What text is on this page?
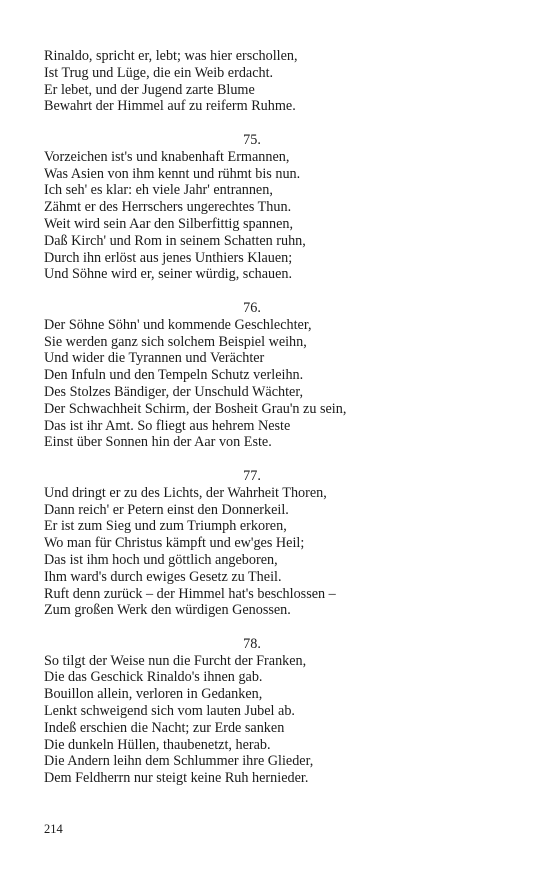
Rinaldo, spricht er, lebt; was hier erschollen,
Ist Trug und Lüge, die ein Weib erdacht.
Er lebet, und der Jugend zarte Blume
Bewahrt der Himmel auf zu reiferm Ruhme.
75.
Vorzeichen ist's und knabenhaft Ermannen,
Was Asien von ihm kennt und rühmt bis nun.
Ich seh' es klar: eh viele Jahr' entrannen,
Zähmt er des Herrschers ungerechtes Thun.
Weit wird sein Aar den Silberfittig spannen,
Daß Kirch' und Rom in seinem Schatten ruhn,
Durch ihn erlöst aus jenes Unthiers Klauen;
Und Söhne wird er, seiner würdig, schauen.
76.
Der Söhne Söhn' und kommende Geschlechter,
Sie werden ganz sich solchem Beispiel weihn,
Und wider die Tyrannen und Verächter
Den Infuln und den Tempeln Schutz verleihn.
Des Stolzes Bändiger, der Unschuld Wächter,
Der Schwachheit Schirm, der Bosheit Grau'n zu sein,
Das ist ihr Amt. So fliegt aus hehrem Neste
Einst über Sonnen hin der Aar von Este.
77.
Und dringt er zu des Lichts, der Wahrheit Thoren,
Dann reich' er Petern einst den Donnerkeil.
Er ist zum Sieg und zum Triumph erkoren,
Wo man für Christus kämpft und ew'ges Heil;
Das ist ihm hoch und göttlich angeboren,
Ihm ward's durch ewiges Gesetz zu Theil.
Ruft denn zurück – der Himmel hat's beschlossen –
Zum großen Werk den würdigen Genossen.
78.
So tilgt der Weise nun die Furcht der Franken,
Die das Geschick Rinaldo's ihnen gab.
Bouillon allein, verloren in Gedanken,
Lenkt schweigend sich vom lauten Jubel ab.
Indeß erschien die Nacht; zur Erde sanken
Die dunkeln Hüllen, thaubenetzt, herab.
Die Andern leihn dem Schlummer ihre Glieder,
Dem Feldherrn nur steigt keine Ruh hernieder.
214
